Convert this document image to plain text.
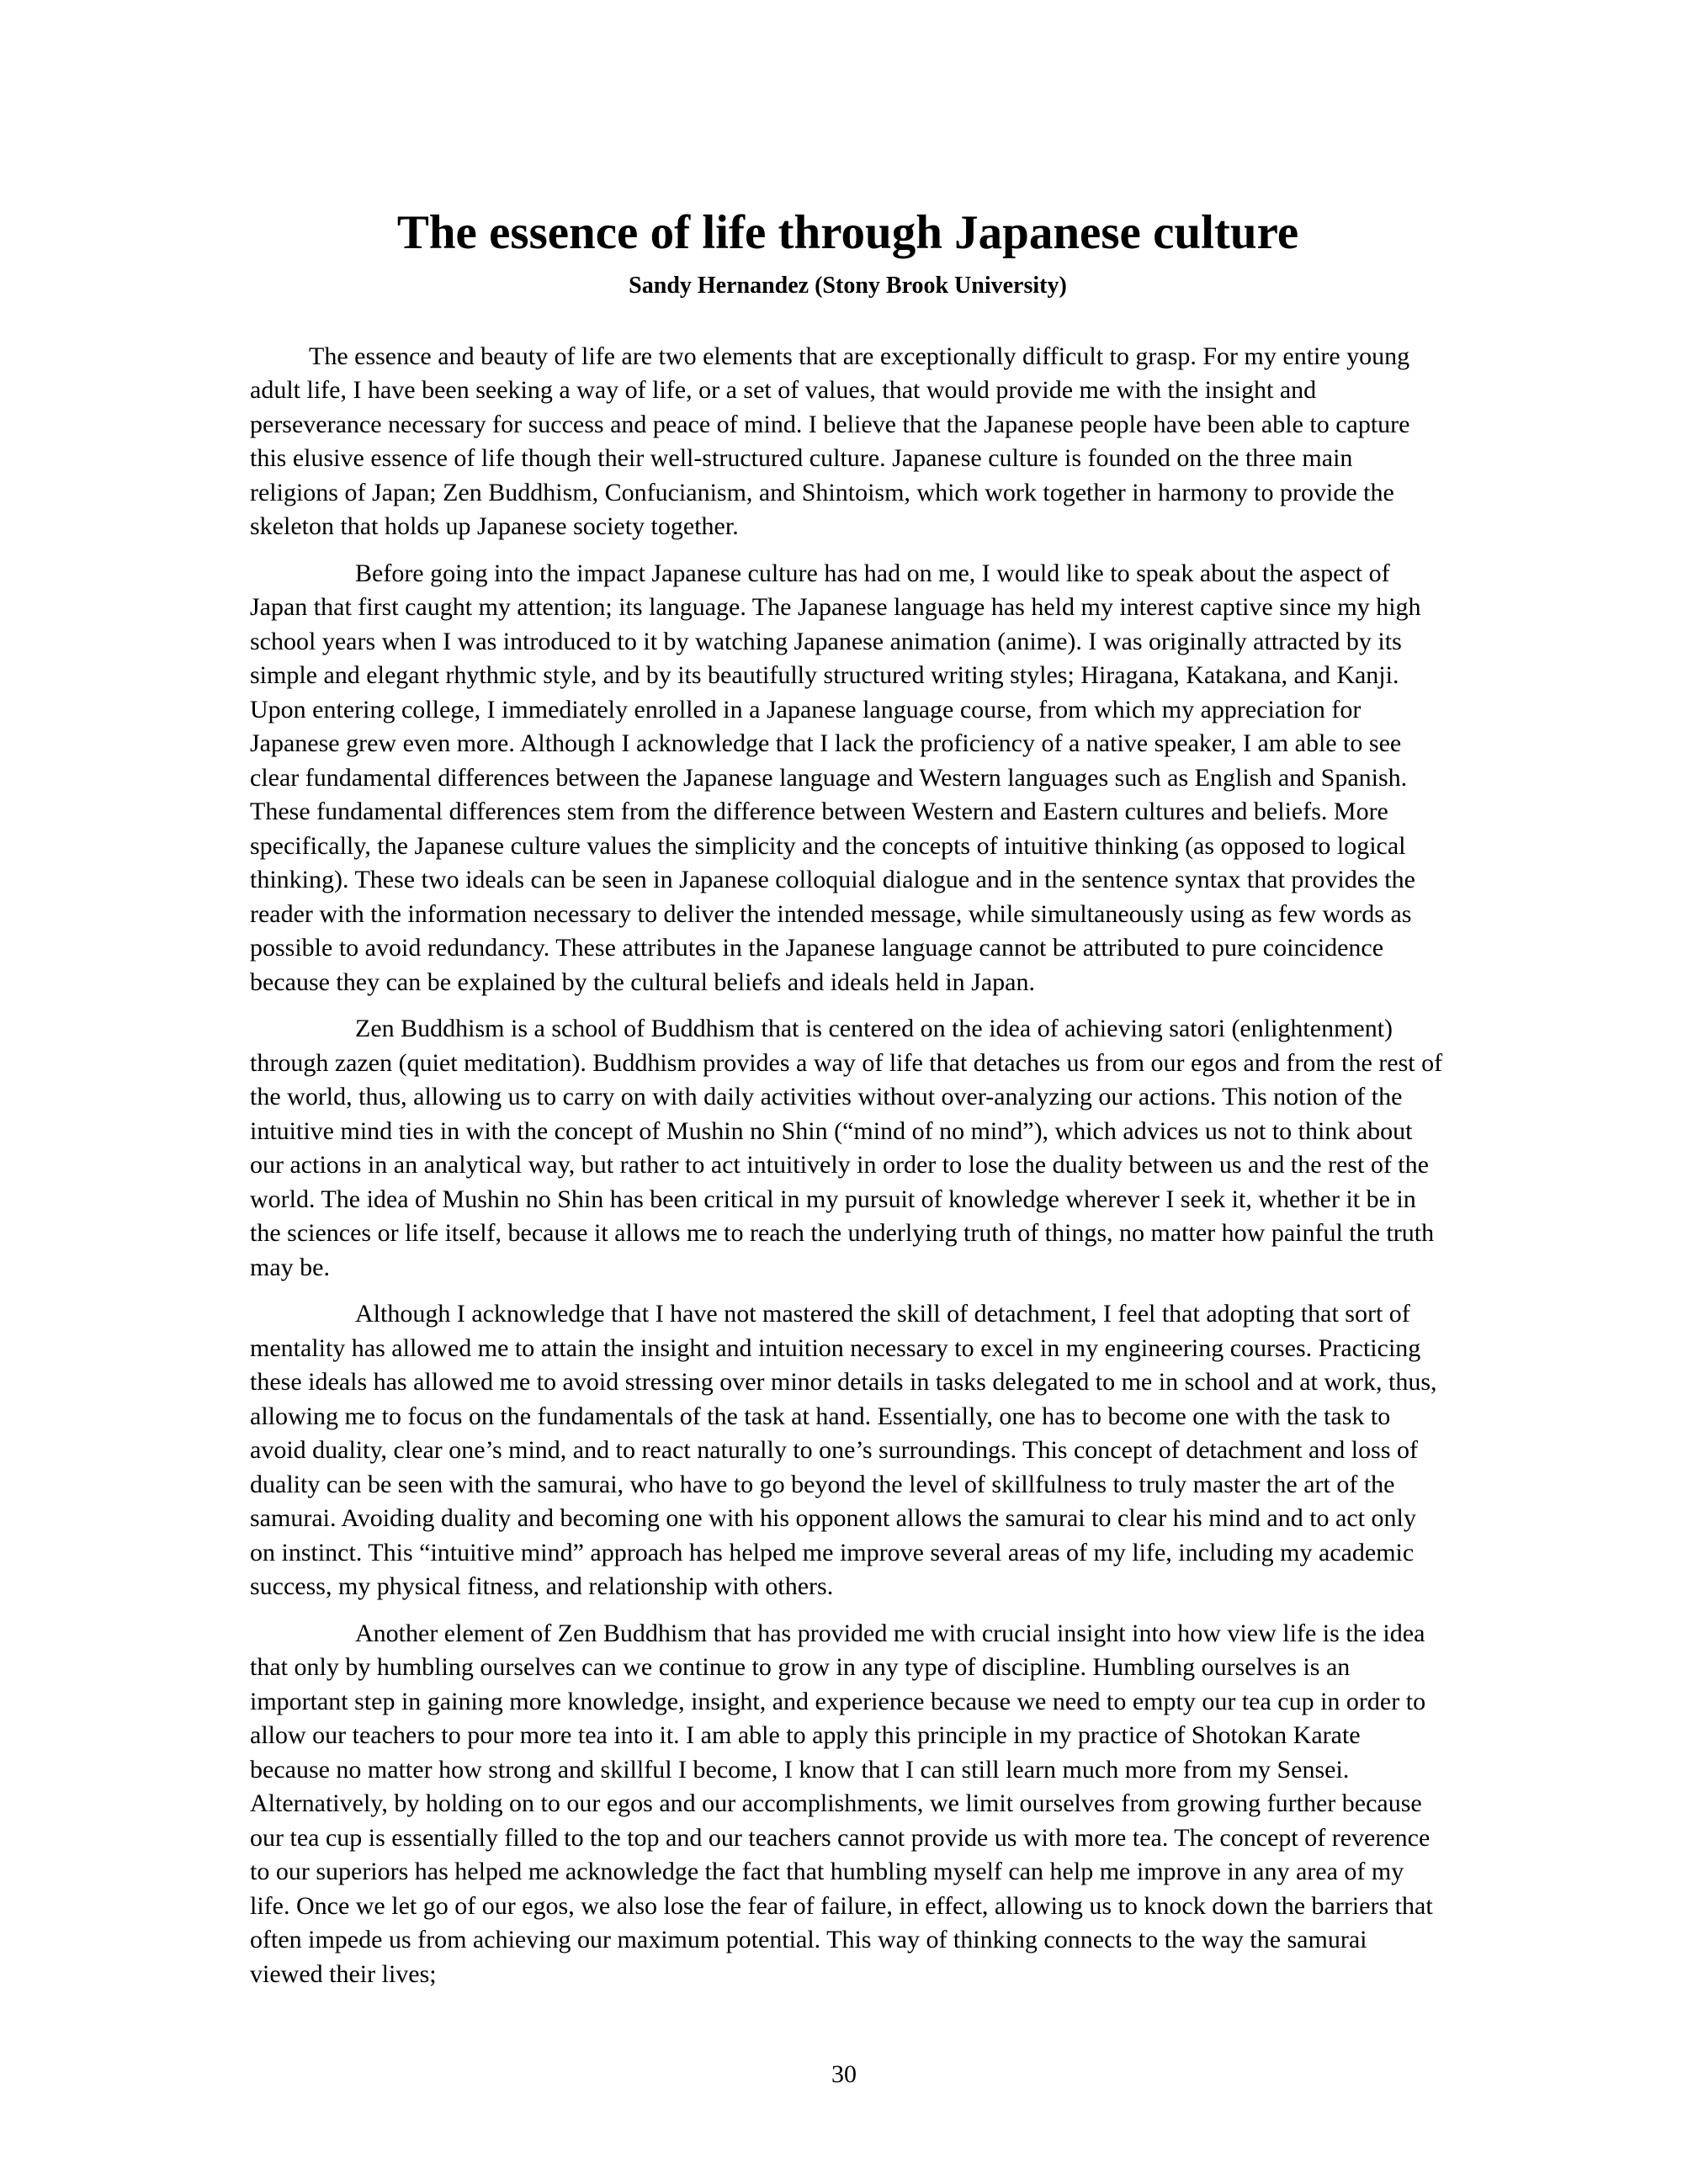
The essence of life through Japanese culture
Sandy Hernandez (Stony Brook University)

The essence and beauty of life are two elements that are exceptionally difficult to grasp. For my entire young adult life, I have been seeking a way of life, or a set of values, that would provide me with the insight and perseverance necessary for success and peace of mind. I believe that the Japanese people have been able to capture this elusive essence of life though their well-structured culture. Japanese culture is founded on the three main religions of Japan; Zen Buddhism, Confucianism, and Shintoism, which work together in harmony to provide the skeleton that holds up Japanese society together.

Before going into the impact Japanese culture has had on me, I would like to speak about the aspect of Japan that first caught my attention; its language. The Japanese language has held my interest captive since my high school years when I was introduced to it by watching Japanese animation (anime). I was originally attracted by its simple and elegant rhythmic style, and by its beautifully structured writing styles; Hiragana, Katakana, and Kanji. Upon entering college, I immediately enrolled in a Japanese language course, from which my appreciation for Japanese grew even more. Although I acknowledge that I lack the proficiency of a native speaker, I am able to see clear fundamental differences between the Japanese language and Western languages such as English and Spanish. These fundamental differences stem from the difference between Western and Eastern cultures and beliefs. More specifically, the Japanese culture values the simplicity and the concepts of intuitive thinking (as opposed to logical thinking). These two ideals can be seen in Japanese colloquial dialogue and in the sentence syntax that provides the reader with the information necessary to deliver the intended message, while simultaneously using as few words as possible to avoid redundancy. These attributes in the Japanese language cannot be attributed to pure coincidence because they can be explained by the cultural beliefs and ideals held in Japan.

Zen Buddhism is a school of Buddhism that is centered on the idea of achieving satori (enlightenment) through zazen (quiet meditation). Buddhism provides a way of life that detaches us from our egos and from the rest of the world, thus, allowing us to carry on with daily activities without over-analyzing our actions. This notion of the intuitive mind ties in with the concept of Mushin no Shin (“mind of no mind”), which advices us not to think about our actions in an analytical way, but rather to act intuitively in order to lose the duality between us and the rest of the world. The idea of Mushin no Shin has been critical in my pursuit of knowledge wherever I seek it, whether it be in the sciences or life itself, because it allows me to reach the underlying truth of things, no matter how painful the truth may be.

Although I acknowledge that I have not mastered the skill of detachment, I feel that adopting that sort of mentality has allowed me to attain the insight and intuition necessary to excel in my engineering courses. Practicing these ideals has allowed me to avoid stressing over minor details in tasks delegated to me in school and at work, thus, allowing me to focus on the fundamentals of the task at hand. Essentially, one has to become one with the task to avoid duality, clear one’s mind, and to react naturally to one’s surroundings. This concept of detachment and loss of duality can be seen with the samurai, who have to go beyond the level of skillfulness to truly master the art of the samurai. Avoiding duality and becoming one with his opponent allows the samurai to clear his mind and to act only on instinct. This “intuitive mind” approach has helped me improve several areas of my life, including my academic success, my physical fitness, and relationship with others.

Another element of Zen Buddhism that has provided me with crucial insight into how view life is the idea that only by humbling ourselves can we continue to grow in any type of discipline. Humbling ourselves is an important step in gaining more knowledge, insight, and experience because we need to empty our tea cup in order to allow our teachers to pour more tea into it. I am able to apply this principle in my practice of Shotokan Karate because no matter how strong and skillful I become, I know that I can still learn much more from my Sensei. Alternatively, by holding on to our egos and our accomplishments, we limit ourselves from growing further because our tea cup is essentially filled to the top and our teachers cannot provide us with more tea. The concept of reverence to our superiors has helped me acknowledge the fact that humbling myself can help me improve in any area of my life. Once we let go of our egos, we also lose the fear of failure, in effect, allowing us to knock down the barriers that often impede us from achieving our maximum potential. This way of thinking connects to the way the samurai viewed their lives;

30
